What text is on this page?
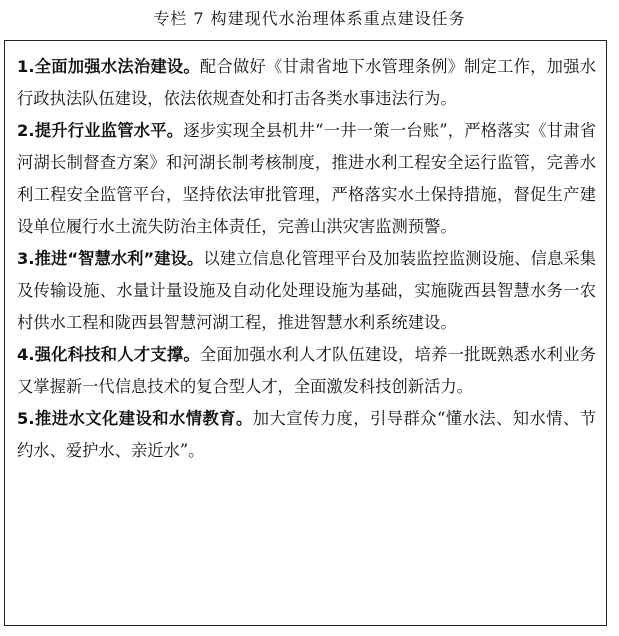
专栏 7 构建现代水治理体系重点建设任务

1.全面加强水法治建设。配合做好《甘肃省地下水管理条例》制定工作，加强水行政执法队伍建设，依法依规查处和打击各类水事违法行为。

2.提升行业监管水平。逐步实现全县机井“一井一策一台账”，严格落实《甘肃省河湖长制督查方案》和河湖长制考核制度，推进水利工程安全运行监管，完善水利工程安全监管平台，坚持依法审批管理，严格落实水土保持措施，督促生产建设单位履行水土流失防治主体责任，完善山洪灾害监测预警。

3.推进“智慧水利”建设。以建立信息化管理平台及加装监控监测设施、信息采集及传输设施、水量计量设施及自动化处理设施为基础，实施陇西县智慧水务一农村供水工程和陇西县智慧河湖工程，推进智慧水利系统建设。

4.强化科技和人才支撑。全面加强水利人才队伍建设，培养一批既熟悉水利业务又掌握新一代信息技术的复合型人才，全面激发科技创新活力。

5.推进水文化建设和水情教育。加大宣传力度，引导群众“懂水法、知水情、节约水、爱护水、亲近水”。
